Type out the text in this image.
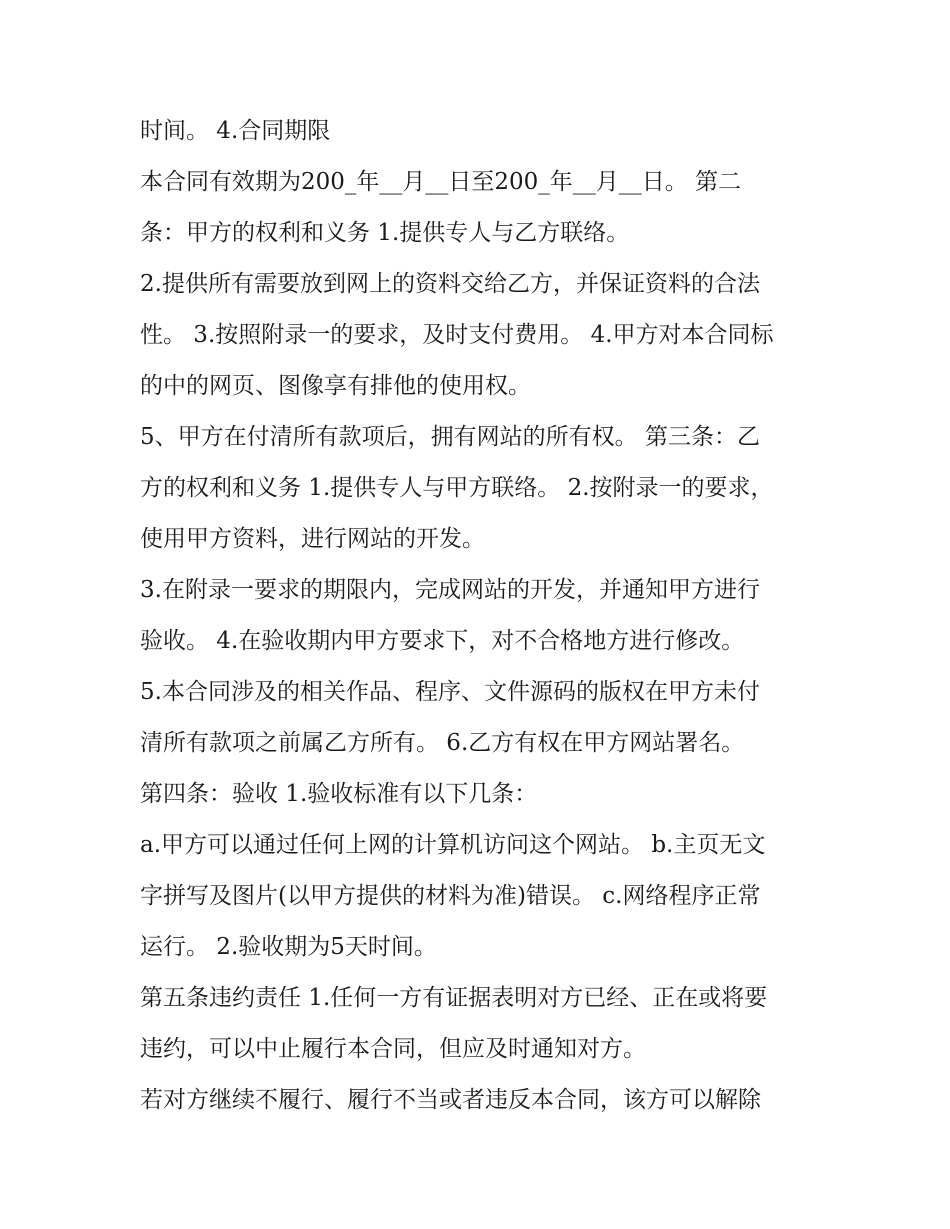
时间。 4.合同期限
本合同有效期为200_年__月__日至200_年__月__日。 第二
条：甲方的权利和义务 1.提供专人与乙方联络。
2.提供所有需要放到网上的资料交给乙方，并保证资料的合法
性。 3.按照附录一的要求，及时支付费用。 4.甲方对本合同标
的中的网页、图像享有排他的使用权。
5、甲方在付清所有款项后，拥有网站的所有权。 第三条：乙
方的权利和义务 1.提供专人与甲方联络。 2.按附录一的要求，
使用甲方资料，进行网站的开发。
3.在附录一要求的期限内，完成网站的开发，并通知甲方进行
验收。 4.在验收期内甲方要求下，对不合格地方进行修改。
5.本合同涉及的相关作品、程序、文件源码的版权在甲方未付
清所有款项之前属乙方所有。 6.乙方有权在甲方网站署名。
第四条：验收 1.验收标准有以下几条：
a.甲方可以通过任何上网的计算机访问这个网站。 b.主页无文
字拼写及图片(以甲方提供的材料为准)错误。 c.网络程序正常
运行。 2.验收期为5天时间。
第五条违约责任 1.任何一方有证据表明对方已经、正在或将要
违约，可以中止履行本合同，但应及时通知对方。
若对方继续不履行、履行不当或者违反本合同，该方可以解除
